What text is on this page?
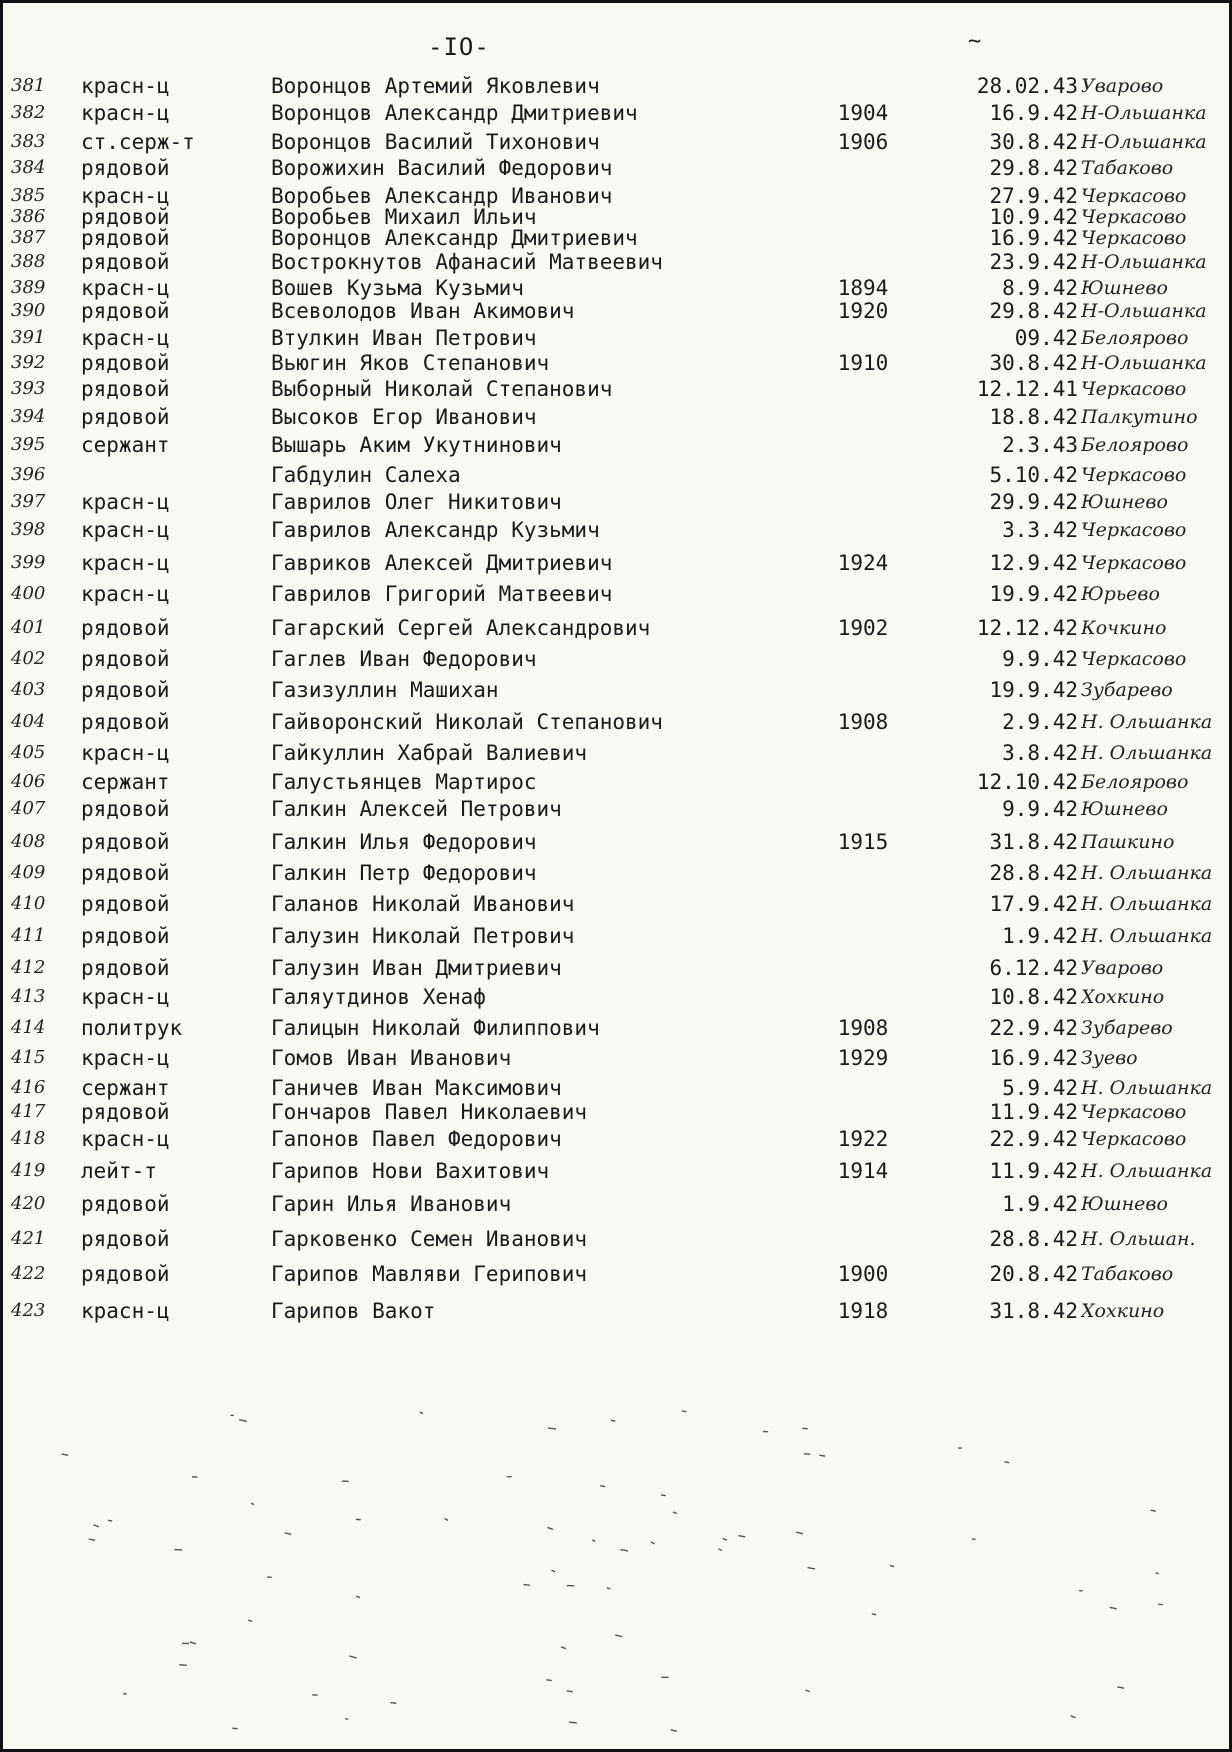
-IO-	~
381	красн-ц	Воронцов Артемий Яковлевич	28.02.43 Уварово
382	красн-ц	Воронцов Александр Дмитриевич	1904	16.9.42 Н-Ольшанка
383	ст.серж-т	Воронцов Василий Тихонович	1906	30.8.42 Н-Ольшанка
384	рядовой	Ворожихин Василий Федорович	29.8.42 Табаково
385	красн-ц	Воробьев Александр Иванович	27.9.42 Черкасово
386	рядовой	Воробьев Михаил Ильич	10.9.42 Черкасово
387	рядовой	Воронцов Александр Дмитриевич	16.9.42 Черкасово
388	рядовой	Вострокнутов Афанасий Матвеевич	23.9.42 Н-Ольшанка
389	красн-ц	Вошев Кузьма Кузьмич	1894	8.9.42 Юшнево
390	рядовой	Всеволодов Иван Акимович	1920	29.8.42 Н-Ольшанка
391	красн-ц	Втулкин Иван Петрович	09.42 Белоярово
392	рядовой	Вьюгин Яков Степанович	1910	30.8.42 Н-Ольшанка
393	рядовой	Выборный Николай Степанович	12.12.41 Черкасово
394	рядовой	Высоков Егор Иванович	18.8.42 Палкутино
395	сержант	Вышарь Аким Укутнинович	2.3.43 Белоярово
396	Габдулин Салеха	5.10.42 Черкасово
397	красн-ц	Гаврилов Олег Никитович	29.9.42 Юшнево
398	красн-ц	Гаврилов Александр Кузьмич	3.3.42 Черкасово
399	красн-ц	Гавриков Алексей Дмитриевич	1924	12.9.42 Черкасово
400	красн-ц	Гаврилов Григорий Матвеевич	19.9.42 Юрьево
401	рядовой	Гагарский Сергей Александрович	1902	12.12.42 Кочкино
402	рядовой	Гаглев Иван Федорович	9.9.42 Черкасово
403	рядовой	Газизуллин Машихан	19.9.42 Зубарево
404	рядовой	Гайворонский Николай Степанович	1908	2.9.42 Н. Ольшанка
405	красн-ц	Гайкуллин Хабрай Валиевич	3.8.42 Н. Ольшанка
406	сержант	Галустьянцев Мартирос	12.10.42 Белоярово
407	рядовой	Галкин Алексей Петрович	9.9.42 Юшнево
408	рядовой	Галкин Илья Федорович	1915	31.8.42 Пашкино
409	рядовой	Галкин Петр Федорович	28.8.42 Н. Ольшанка
410	рядовой	Галанов Николай Иванович	17.9.42 Н. Ольшанка
411	рядовой	Галузин Николай Петрович	1.9.42 Н. Ольшанка
412	рядовой	Галузин Иван Дмитриевич	6.12.42 Уварово
413	красн-ц	Галяутдинов Хенаф	10.8.42 Хохкино
414	политрук	Галицын Николай Филиппович	1908	22.9.42 Зубарево
415	красн-ц	Гомов Иван Иванович	1929	16.9.42 Зуево
416	сержант	Ганичев Иван Максимович	5.9.42 Н. Ольшанка
417	рядовой	Гончаров Павел Николаевич	11.9.42 Черкасово
418	красн-ц	Гапонов Павел Федорович	1922	22.9.42 Черкасово
419	лейт-т	Гарипов Нови Вахитович	1914	11.9.42 Н. Ольшанка
420	рядовой	Гарин Илья Иванович	1.9.42 Юшнево
421	рядовой	Гарковенко Семен Иванович	28.8.42 Н. Ольшан.
422	рядовой	Гарипов Мавляви Герипович	1900	20.8.42 Табаково
423	красн-ц	Гарипов Вакот	1918	31.8.42 Хохкино
